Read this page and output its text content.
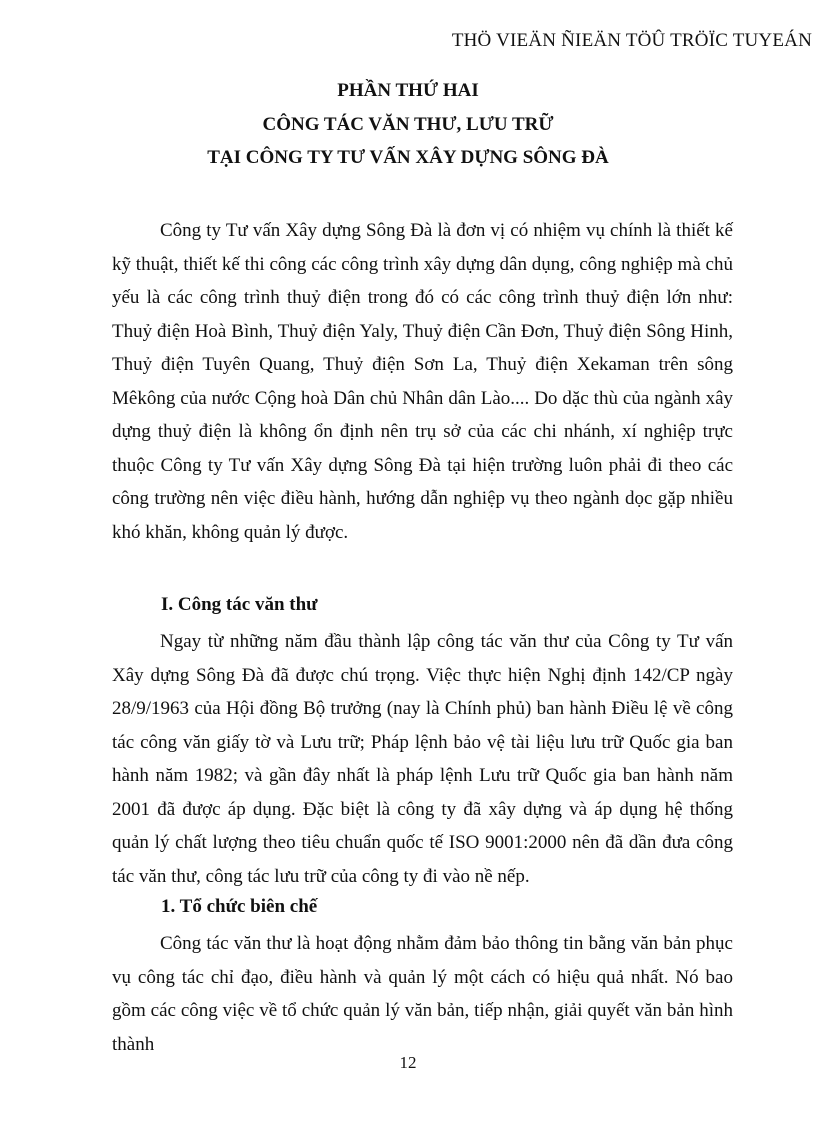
THÖ VIEÄN ÑIEÄN TÖÛ TRÖÏC TUYEÁN
PHẦN THỨ HAI
CÔNG TÁC VĂN THƯ, LƯU TRỮ
TẠI CÔNG TY TƯ VẤN XÂY DỰNG SÔNG ĐÀ

Công ty Tư vấn Xây dựng Sông Đà là đơn vị có nhiệm vụ chính là thiết kế kỹ thuật, thiết kế thi công các công trình xây dựng dân dụng, công nghiệp mà chủ yếu là các công trình thuỷ điện trong đó có các công trình thuỷ điện lớn như: Thuỷ điện Hoà Bình, Thuỷ điện Yaly, Thuỷ điện Cần Đơn, Thuỷ điện Sông Hinh, Thuỷ điện Tuyên Quang, Thuỷ điện Sơn La, Thuỷ điện Xekaman trên sông Mêkông của nước Cộng hoà Dân chủ Nhân dân Lào.... Do dặc thù của ngành xây dựng thuỷ điện là không ổn định nên trụ sở của các chi nhánh, xí nghiệp trực thuộc Công ty Tư vấn Xây dựng Sông Đà tại hiện trường luôn phải đi theo các công trường nên việc điều hành, hướng dẫn nghiệp vụ theo ngành dọc gặp nhiều khó khăn, không quản lý được.

I. Công tác văn thư

Ngay từ những năm đầu thành lập công tác văn thư của Công ty Tư vấn Xây dựng Sông Đà đã được chú trọng. Việc thực hiện Nghị định 142/CP ngày 28/9/1963 của Hội đồng Bộ trưởng (nay là Chính phủ) ban hành Điều lệ về công tác công văn giấy tờ và Lưu trữ; Pháp lệnh bảo vệ tài liệu lưu trữ Quốc gia ban hành năm 1982; và gần đây nhất là pháp lệnh Lưu trữ Quốc gia ban hành năm 2001 đã được áp dụng. Đặc biệt là công ty đã xây dựng và áp dụng hệ thống quản lý chất lượng theo tiêu chuẩn quốc tế ISO 9001:2000 nên đã dần đưa công tác văn thư, công tác lưu trữ của công ty đi vào nề nếp.

1. Tổ chức biên chế

Công tác văn thư là hoạt động nhằm đảm bảo thông tin bằng văn bản phục vụ công tác chỉ đạo, điều hành và quản lý một cách có hiệu quả nhất. Nó bao gồm các công việc về tổ chức quản lý văn bản, tiếp nhận, giải quyết văn bản hình thành

12
